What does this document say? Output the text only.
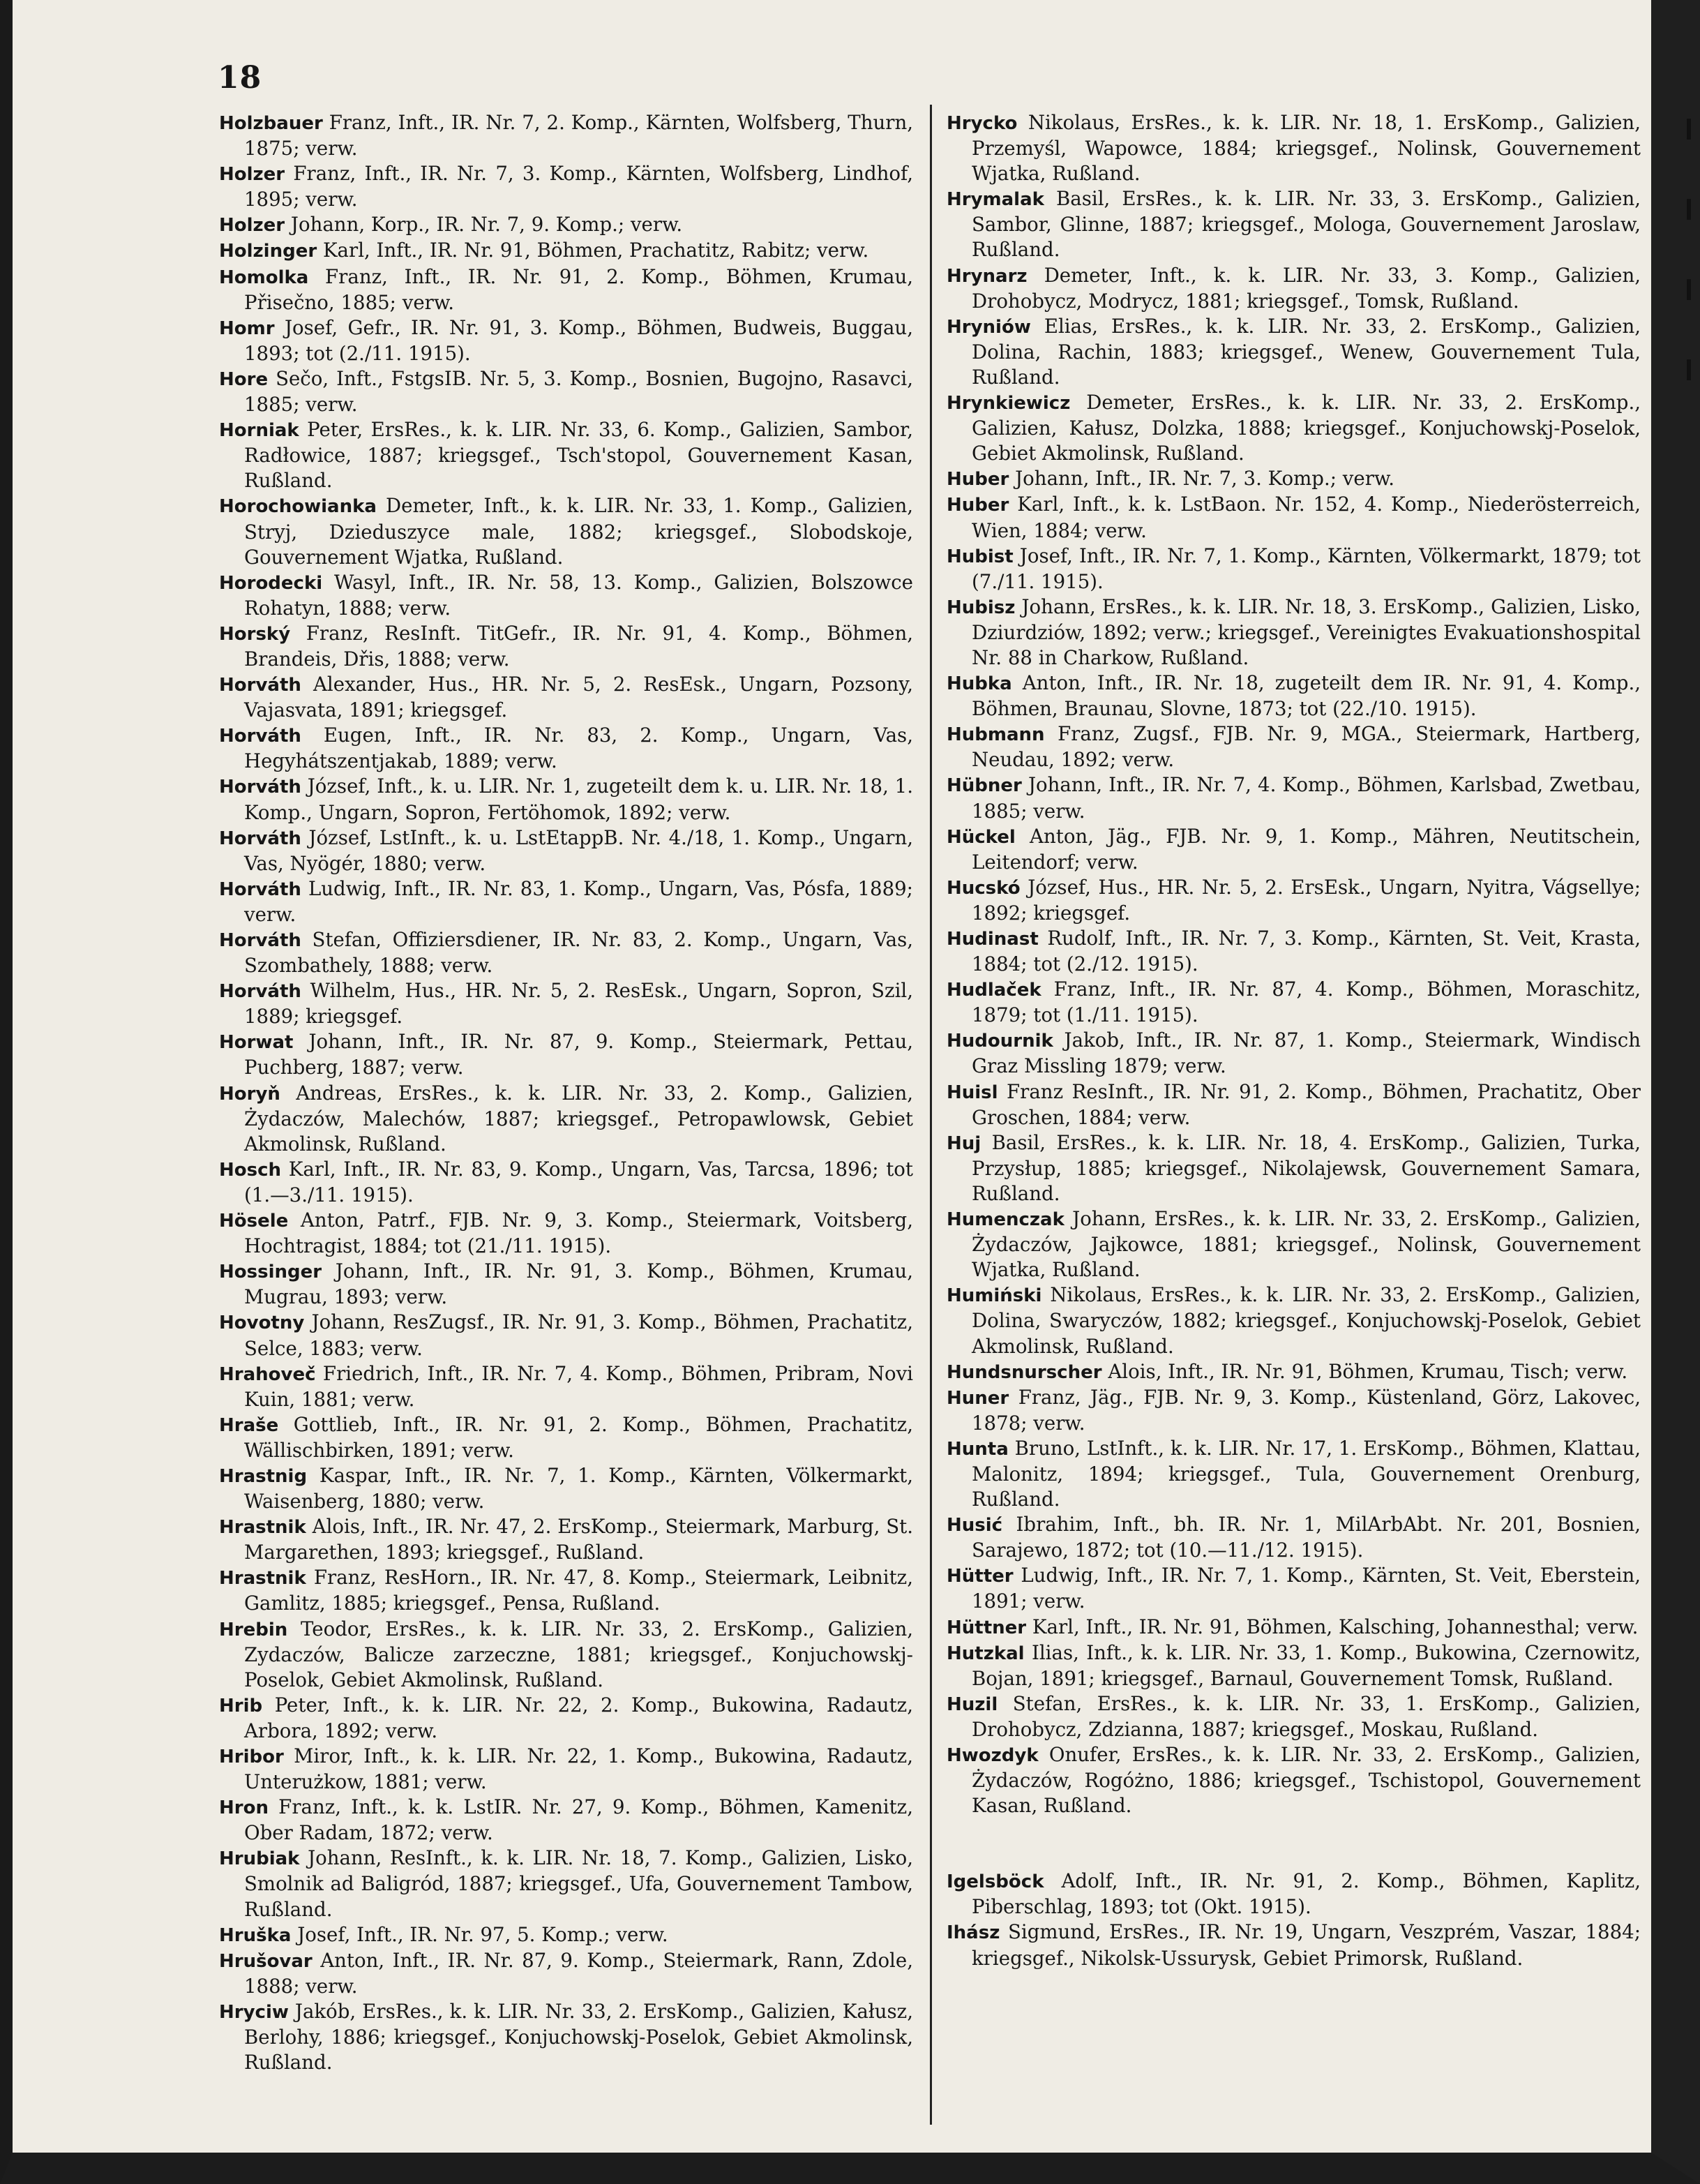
18

Holzbauer Franz, Inft., IR. Nr. 7, 2. Komp., Kärnten, Wolfsberg, Thurn, 1875; verw.

Holzer Franz, Inft., IR. Nr. 7, 3. Komp., Kärnten, Wolfsberg, Lindhof, 1895; verw.

Holzer Johann, Korp., IR. Nr. 7, 9. Komp.; verw.

Holzinger Karl, Inft., IR. Nr. 91, Böhmen, Prachatitz, Rabitz; verw.

Homolka Franz, Inft., IR. Nr. 91, 2. Komp., Böhmen, Krumau, Přisečno, 1885; verw.

Homr Josef, Gefr., IR. Nr. 91, 3. Komp., Böhmen, Budweis, Buggau, 1893; tot (2./11. 1915).

Hore Sečo, Inft., FstgsIB. Nr. 5, 3. Komp., Bosnien, Bugojno, Rasavci, 1885; verw.

Horniak Peter, ErsRes., k. k. LIR. Nr. 33, 6. Komp., Galizien, Sambor, Radłowice, 1887; kriegsgef., Tsch'stopol, Gouvernement Kasan, Rußland.

Horochowianka Demeter, Inft., k. k. LIR. Nr. 33, 1. Komp., Galizien, Stryj, Dzieduszyce male, 1882; kriegsgef., Slobodskoje, Gouvernement Wjatka, Rußland.

Horodecki Wasyl, Inft., IR. Nr. 58, 13. Komp., Galizien, Bolszowce Rohatyn, 1888; verw.

Horský Franz, ResInft. TitGefr., IR. Nr. 91, 4. Komp., Böhmen, Brandeis, Dřis, 1888; verw.

Horváth Alexander, Hus., HR. Nr. 5, 2. ResEsk., Ungarn, Pozsony, Vajasvata, 1891; kriegsgef.

Horváth Eugen, Inft., IR. Nr. 83, 2. Komp., Ungarn, Vas, Hegyhátszentjakab, 1889; verw.

Horváth József, Inft., k. u. LIR. Nr. 1, zugeteilt dem k. u. LIR. Nr. 18, 1. Komp., Ungarn, Sopron, Fertöhomok, 1892; verw.

Horváth József, LstInft., k. u. LstEtappB. Nr. 4./18, 1. Komp., Ungarn, Vas, Nyögér, 1880; verw.

Horváth Ludwig, Inft., IR. Nr. 83, 1. Komp., Ungarn, Vas, Pósfa, 1889; verw.

Horváth Stefan, Offiziersdiener, IR. Nr. 83, 2. Komp., Ungarn, Vas, Szombathely, 1888; verw.

Horváth Wilhelm, Hus., HR. Nr. 5, 2. ResEsk., Ungarn, Sopron, Szil, 1889; kriegsgef.

Horwat Johann, Inft., IR. Nr. 87, 9. Komp., Steiermark, Pettau, Puchberg, 1887; verw.

Horyň Andreas, ErsRes., k. k. LIR. Nr. 33, 2. Komp., Galizien, Żydaczów, Malechów, 1887; kriegsgef., Petropawlowsk, Gebiet Akmolinsk, Rußland.

Hosch Karl, Inft., IR. Nr. 83, 9. Komp., Ungarn, Vas, Tarcsa, 1896; tot (1.—3./11. 1915).

Hösele Anton, Patrf., FJB. Nr. 9, 3. Komp., Steiermark, Voitsberg, Hochtragist, 1884; tot (21./11. 1915).

Hossinger Johann, Inft., IR. Nr. 91, 3. Komp., Böhmen, Krumau, Mugrau, 1893; verw.

Hovotny Johann, ResZugsf., IR. Nr. 91, 3. Komp., Böhmen, Prachatitz, Selce, 1883; verw.

Hrahoveč Friedrich, Inft., IR. Nr. 7, 4. Komp., Böhmen, Pribram, Novi Kuin, 1881; verw.

Hraše Gottlieb, Inft., IR. Nr. 91, 2. Komp., Böhmen, Prachatitz, Wällischbirken, 1891; verw.

Hrastnig Kaspar, Inft., IR. Nr. 7, 1. Komp., Kärnten, Völkermarkt, Waisenberg, 1880; verw.

Hrastnik Alois, Inft., IR. Nr. 47, 2. ErsKomp., Steiermark, Marburg, St. Margarethen, 1893; kriegsgef., Rußland.

Hrastnik Franz, ResHorn., IR. Nr. 47, 8. Komp., Steiermark, Leibnitz, Gamlitz, 1885; kriegsgef., Pensa, Rußland.

Hrebin Teodor, ErsRes., k. k. LIR. Nr. 33, 2. ErsKomp., Galizien, Zydaczów, Balicze zarzeczne, 1881; kriegsgef., Konjuchowskj-Poselok, Gebiet Akmolinsk, Rußland.

Hrib Peter, Inft., k. k. LIR. Nr. 22, 2. Komp., Bukowina, Radautz, Arbora, 1892; verw.

Hribor Miror, Inft., k. k. LIR. Nr. 22, 1. Komp., Bukowina, Radautz, Unterużkow, 1881; verw.

Hron Franz, Inft., k. k. LstIR. Nr. 27, 9. Komp., Böhmen, Kamenitz, Ober Radam, 1872; verw.

Hrubiak Johann, ResInft., k. k. LIR. Nr. 18, 7. Komp., Galizien, Lisko, Smolnik ad Baligród, 1887; kriegsgef., Ufa, Gouvernement Tambow, Rußland.

Hruška Josef, Inft., IR. Nr. 97, 5. Komp.; verw.

Hrušovar Anton, Inft., IR. Nr. 87, 9. Komp., Steiermark, Rann, Zdole, 1888; verw.

Hryciw Jakób, ErsRes., k. k. LIR. Nr. 33, 2. ErsKomp., Galizien, Kałusz, Berlohy, 1886; kriegsgef., Konjuchowskj-Poselok, Gebiet Akmolinsk, Rußland.

Hrycko Nikolaus, ErsRes., k. k. LIR. Nr. 18, 1. ErsKomp., Galizien, Przemyśl, Wapowce, 1884; kriegsgef., Nolinsk, Gouvernement Wjatka, Rußland.

Hrymalak Basil, ErsRes., k. k. LIR. Nr. 33, 3. ErsKomp., Galizien, Sambor, Glinne, 1887; kriegsgef., Mologa, Gouvernement Jaroslaw, Rußland.

Hrynarz Demeter, Inft., k. k. LIR. Nr. 33, 3. Komp., Galizien, Drohobycz, Modrycz, 1881; kriegsgef., Tomsk, Rußland.

Hryniów Elias, ErsRes., k. k. LIR. Nr. 33, 2. ErsKomp., Galizien, Dolina, Rachin, 1883; kriegsgef., Wenew, Gouvernement Tula, Rußland.

Hrynkiewicz Demeter, ErsRes., k. k. LIR. Nr. 33, 2. ErsKomp., Galizien, Kałusz, Dolzka, 1888; kriegsgef., Konjuchowskj-Poselok, Gebiet Akmolinsk, Rußland.

Huber Johann, Inft., IR. Nr. 7, 3. Komp.; verw.

Huber Karl, Inft., k. k. LstBaon. Nr. 152, 4. Komp., Niederösterreich, Wien, 1884; verw.

Hubist Josef, Inft., IR. Nr. 7, 1. Komp., Kärnten, Völkermarkt, 1879; tot (7./11. 1915).

Hubisz Johann, ErsRes., k. k. LIR. Nr. 18, 3. ErsKomp., Galizien, Lisko, Dziurdziów, 1892; verw.; kriegsgef., Vereinigtes Evakuationshospital Nr. 88 in Charkow, Rußland.

Hubka Anton, Inft., IR. Nr. 18, zugeteilt dem IR. Nr. 91, 4. Komp., Böhmen, Braunau, Slovne, 1873; tot (22./10. 1915).

Hubmann Franz, Zugsf., FJB. Nr. 9, MGA., Steiermark, Hartberg, Neudau, 1892; verw.

Hübner Johann, Inft., IR. Nr. 7, 4. Komp., Böhmen, Karlsbad, Zwetbau, 1885; verw.

Hückel Anton, Jäg., FJB. Nr. 9, 1. Komp., Mähren, Neutitschein, Leitendorf; verw.

Hucskó József, Hus., HR. Nr. 5, 2. ErsEsk., Ungarn, Nyitra, Vágsellye; 1892; kriegsgef.

Hudinast Rudolf, Inft., IR. Nr. 7, 3. Komp., Kärnten, St. Veit, Krasta, 1884; tot (2./12. 1915).

Hudlaček Franz, Inft., IR. Nr. 87, 4. Komp., Böhmen, Moraschitz, 1879; tot (1./11. 1915).

Hudournik Jakob, Inft., IR. Nr. 87, 1. Komp., Steiermark, Windisch Graz Missling 1879; verw.

Huisl Franz ResInft., IR. Nr. 91, 2. Komp., Böhmen, Prachatitz, Ober Groschen, 1884; verw.

Huj Basil, ErsRes., k. k. LIR. Nr. 18, 4. ErsKomp., Galizien, Turka, Przysłup, 1885; kriegsgef., Nikolajewsk, Gouvernement Samara, Rußland.

Humenczak Johann, ErsRes., k. k. LIR. Nr. 33, 2. ErsKomp., Galizien, Żydaczów, Jajkowce, 1881; kriegsgef., Nolinsk, Gouvernement Wjatka, Rußland.

Humiński Nikolaus, ErsRes., k. k. LIR. Nr. 33, 2. ErsKomp., Galizien, Dolina, Swaryczów, 1882; kriegsgef., Konjuchowskj-Poselok, Gebiet Akmolinsk, Rußland.

Hundsnurscher Alois, Inft., IR. Nr. 91, Böhmen, Krumau, Tisch; verw.

Huner Franz, Jäg., FJB. Nr. 9, 3. Komp., Küstenland, Görz, Lakovec, 1878; verw.

Hunta Bruno, LstInft., k. k. LIR. Nr. 17, 1. ErsKomp., Böhmen, Klattau, Malonitz, 1894; kriegsgef., Tula, Gouvernement Orenburg, Rußland.

Husić Ibrahim, Inft., bh. IR. Nr. 1, MilArbAbt. Nr. 201, Bosnien, Sarajewo, 1872; tot (10.—11./12. 1915).

Hütter Ludwig, Inft., IR. Nr. 7, 1. Komp., Kärnten, St. Veit, Eberstein, 1891; verw.

Hüttner Karl, Inft., IR. Nr. 91, Böhmen, Kalsching, Johannesthal; verw.

Hutzkal Ilias, Inft., k. k. LIR. Nr. 33, 1. Komp., Bukowina, Czernowitz, Bojan, 1891; kriegsgef., Barnaul, Gouvernement Tomsk, Rußland.

Huzil Stefan, ErsRes., k. k. LIR. Nr. 33, 1. ErsKomp., Galizien, Drohobycz, Zdzianna, 1887; kriegsgef., Moskau, Rußland.

Hwozdyk Onufer, ErsRes., k. k. LIR. Nr. 33, 2. ErsKomp., Galizien, Żydaczów, Rogóżno, 1886; kriegsgef., Tschistopol, Gouvernement Kasan, Rußland.

Igelsböck Adolf, Inft., IR. Nr. 91, 2. Komp., Böhmen, Kaplitz, Piberschlag, 1893; tot (Okt. 1915).

Ihász Sigmund, ErsRes., IR. Nr. 19, Ungarn, Veszprém, Vaszar, 1884; kriegsgef., Nikolsk-Ussurysk, Gebiet Primorsk, Rußland.
